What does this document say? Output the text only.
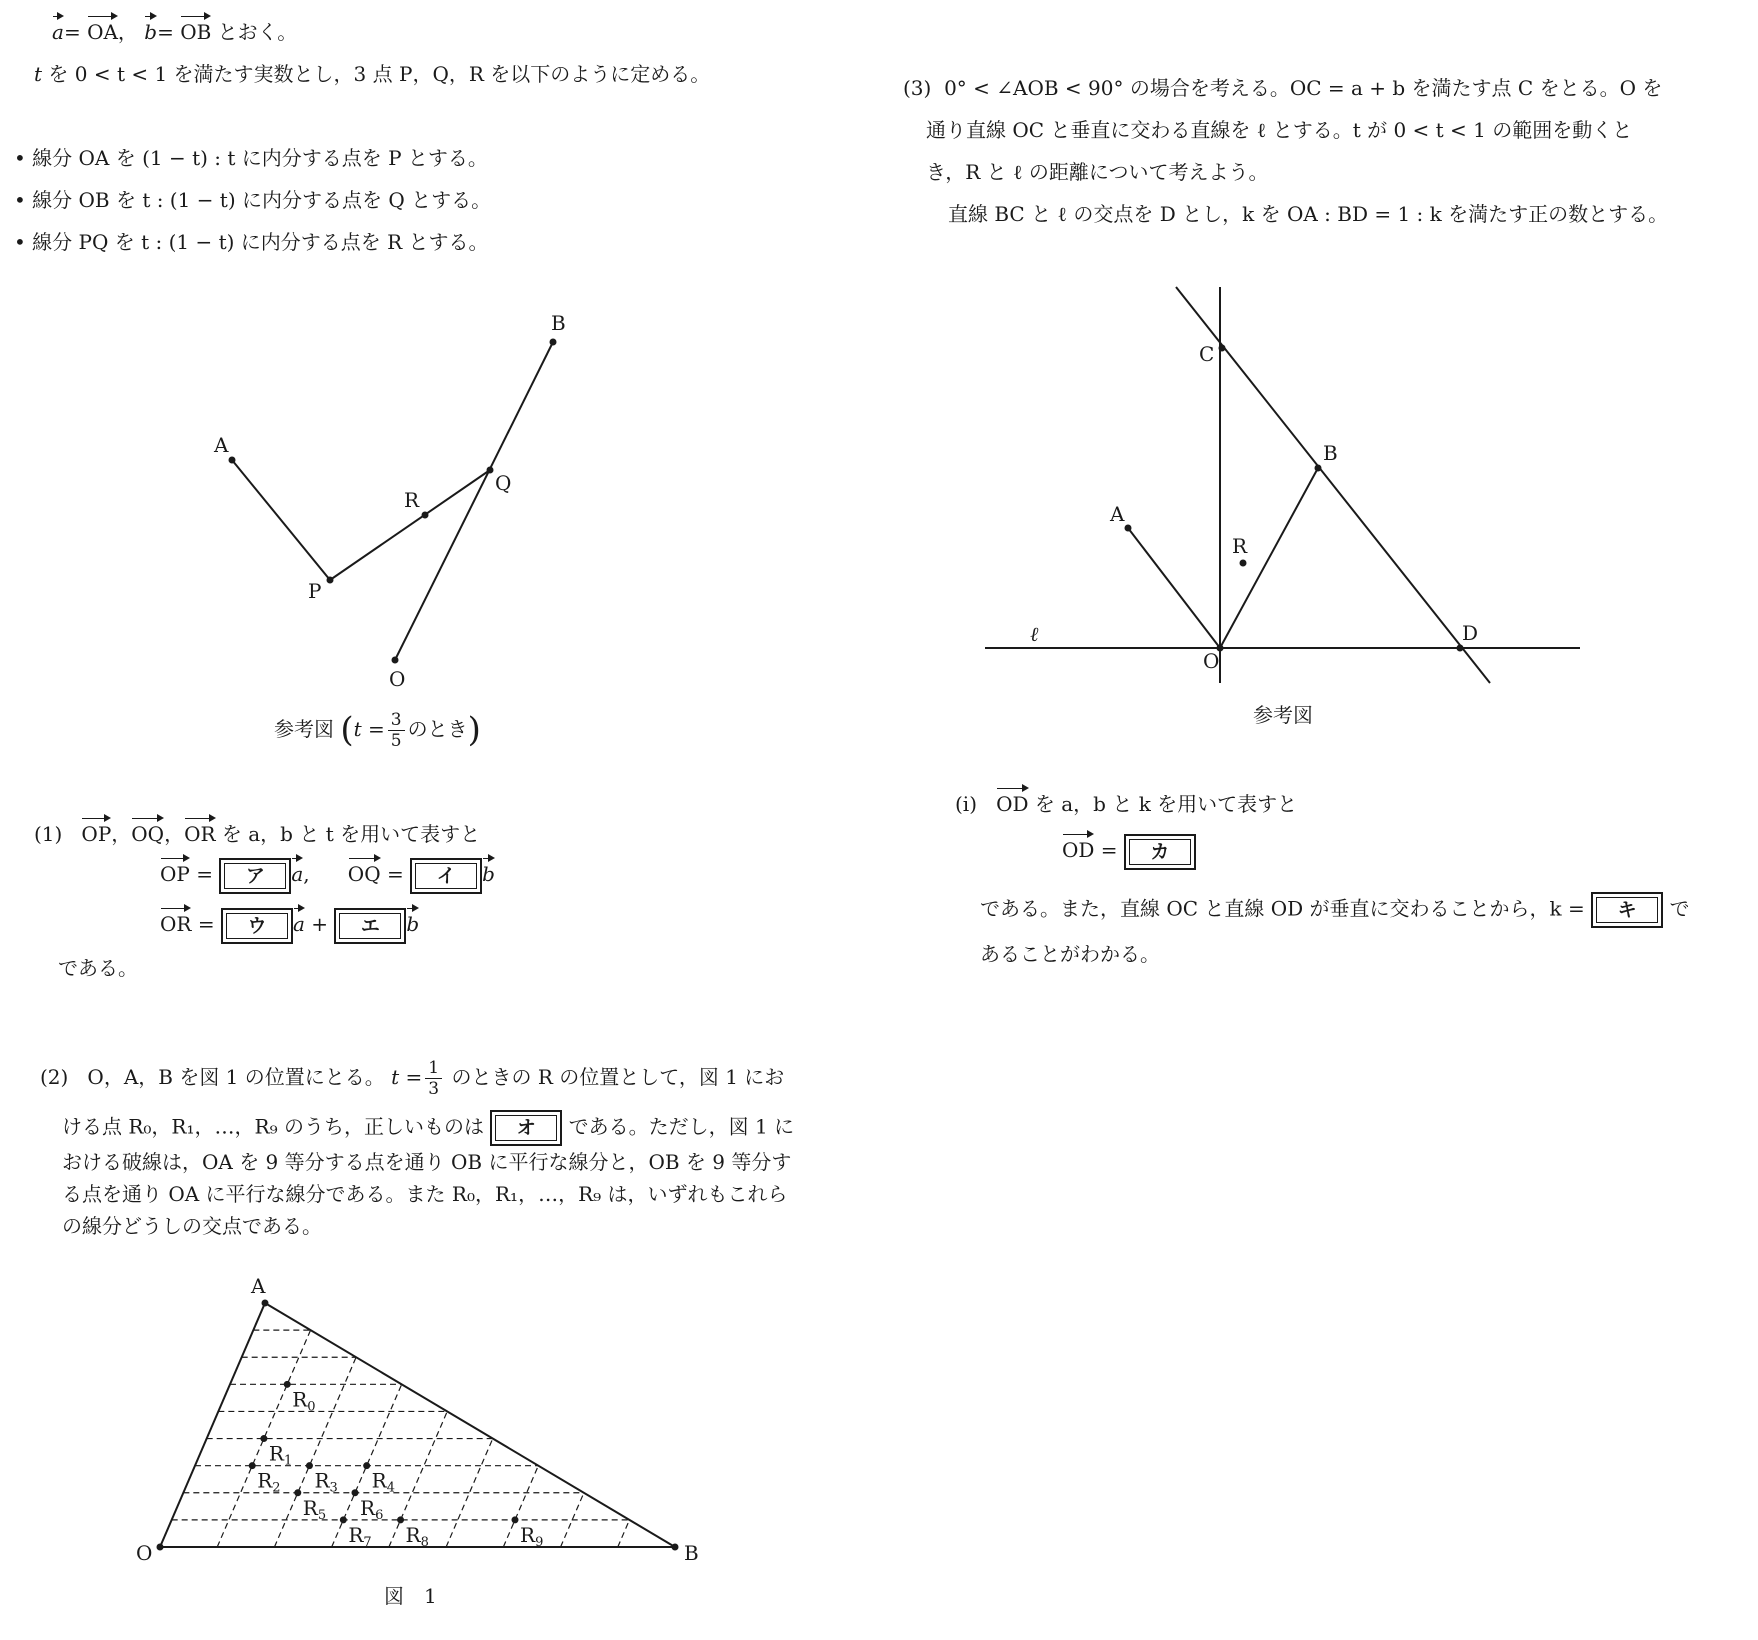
a= OA， b= OB とおく。
t を 0 < t < 1 を満たす実数とし，3 点 P，Q，R を以下のように定める。
• 線分 OA を (1 − t) : t に内分する点を P とする。
• 線分 OB を t : (1 − t) に内分する点を Q とする。
• 線分 PQ を t : (1 − t) に内分する点を R とする。
A
B
P
Q
R
O
参考図 ($t = \frac{3}{5}$ のとき)
(1) OP，OQ，OR を a，b と t を用いて表すと
OP = ア a,      OQ = イ b
OR = ウ a + エ b
である。
(2) O，A，B を図 1 の位置にとる。 $t = \frac{1}{3}$ のときの R の位置として，図 1 にお
ける点 R₀，R₁，…，R₉ のうち，正しいものは オ である。ただし，図 1 に
おける破線は，OA を 9 等分する点を通り OB に平行な線分と，OB を 9 等分す
る点を通り OA に平行な線分である。また R₀，R₁，…，R₉ は，いずれもこれら
の線分どうしの交点である。
$R_0$
$R_1$
$R_2$ $R_3$ $R_4$
$R_5$ $R_6$
$R_7$ $R_8$	$R_9$
A
O	B
図　1
(3) 0° < ∠AOB < 90° の場合を考える。OC = a + b を満たす点 C をとる。O を
通り直線 OC と垂直に交わる直線を ℓ とする。t が 0 < t < 1 の範囲を動くと
き，R と ℓ の距離について考えよう。
直線 BC と ℓ の交点を D とし，k を OA : BD = 1 : k を満たす正の数とする。
C
B
A
R
ℓ
O
D
参考図
(i) OD を a，b と k を用いて表すと
OD = カ
である。また，直線 OC と直線 OD が垂直に交わることから，k = キ で
あることがわかる。
